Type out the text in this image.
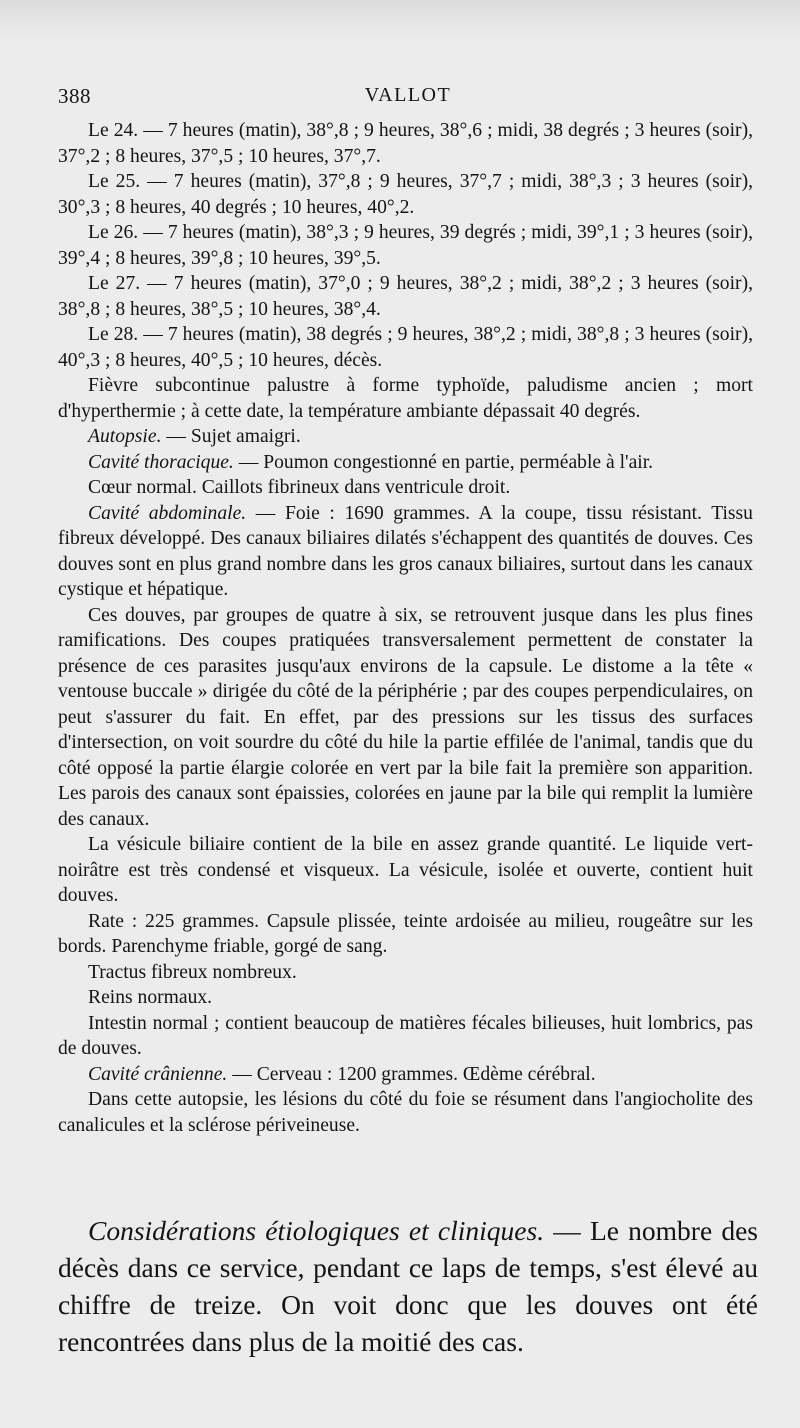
388	VALLOT

Le 24. — 7 heures (matin), 38°,8 ; 9 heures, 38°,6 ; midi, 38 degrés ; 3 heures (soir), 37°,2 ; 8 heures, 37°,5 ; 10 heures, 37°,7.

Le 25. — 7 heures (matin), 37°,8 ; 9 heures, 37°,7 ; midi, 38°,3 ; 3 heures (soir), 30°,3 ; 8 heures, 40 degrés ; 10 heures, 40°,2.

Le 26. — 7 heures (matin), 38°,3 ; 9 heures, 39 degrés ; midi, 39°,1 ; 3 heures (soir), 39°,4 ; 8 heures, 39°,8 ; 10 heures, 39°,5.

Le 27. — 7 heures (matin), 37°,0 ; 9 heures, 38°,2 ; midi, 38°,2 ; 3 heures (soir), 38°,8 ; 8 heures, 38°,5 ; 10 heures, 38°,4.

Le 28. — 7 heures (matin), 38 degrés ; 9 heures, 38°,2 ; midi, 38°,8 ; 3 heures (soir), 40°,3 ; 8 heures, 40°,5 ; 10 heures, décès.

Fièvre subcontinue palustre à forme typhoïde, paludisme ancien ; mort d'hyperthermie ; à cette date, la température ambiante dépassait 40 degrés.

Autopsie. — Sujet amaigri.

Cavité thoracique. — Poumon congestionné en partie, perméable à l'air.

Cœur normal. Caillots fibrineux dans ventricule droit.

Cavité abdominale. — Foie : 1690 grammes. A la coupe, tissu résistant. Tissu fibreux développé. Des canaux biliaires dilatés s'échappent des quantités de douves. Ces douves sont en plus grand nombre dans les gros canaux biliaires, surtout dans les canaux cystique et hépatique.

Ces douves, par groupes de quatre à six, se retrouvent jusque dans les plus fines ramifications. Des coupes pratiquées transversalement permettent de constater la présence de ces parasites jusqu'aux environs de la capsule. Le distome a la tête « ventouse buccale » dirigée du côté de la périphérie ; par des coupes perpendiculaires, on peut s'assurer du fait. En effet, par des pressions sur les tissus des surfaces d'intersection, on voit sourdre du côté du hile la partie effilée de l'animal, tandis que du côté opposé la partie élargie colorée en vert par la bile fait la première son apparition. Les parois des canaux sont épaissies, colorées en jaune par la bile qui remplit la lumière des canaux.

La vésicule biliaire contient de la bile en assez grande quantité. Le liquide vert-noirâtre est très condensé et visqueux. La vésicule, isolée et ouverte, contient huit douves.

Rate : 225 grammes. Capsule plissée, teinte ardoisée au milieu, rougeâtre sur les bords. Parenchyme friable, gorgé de sang.

Tractus fibreux nombreux.

Reins normaux.

Intestin normal ; contient beaucoup de matières fécales bilieuses, huit lombrics, pas de douves.

Cavité crânienne. — Cerveau : 1200 grammes. Œdème cérébral.

Dans cette autopsie, les lésions du côté du foie se résument dans l'angiocholite des canalicules et la sclérose périveineuse.

Considérations étiologiques et cliniques. — Le nombre des décès dans ce service, pendant ce laps de temps, s'est élevé au chiffre de treize. On voit donc que les douves ont été rencontrées dans plus de la moitié des cas.
